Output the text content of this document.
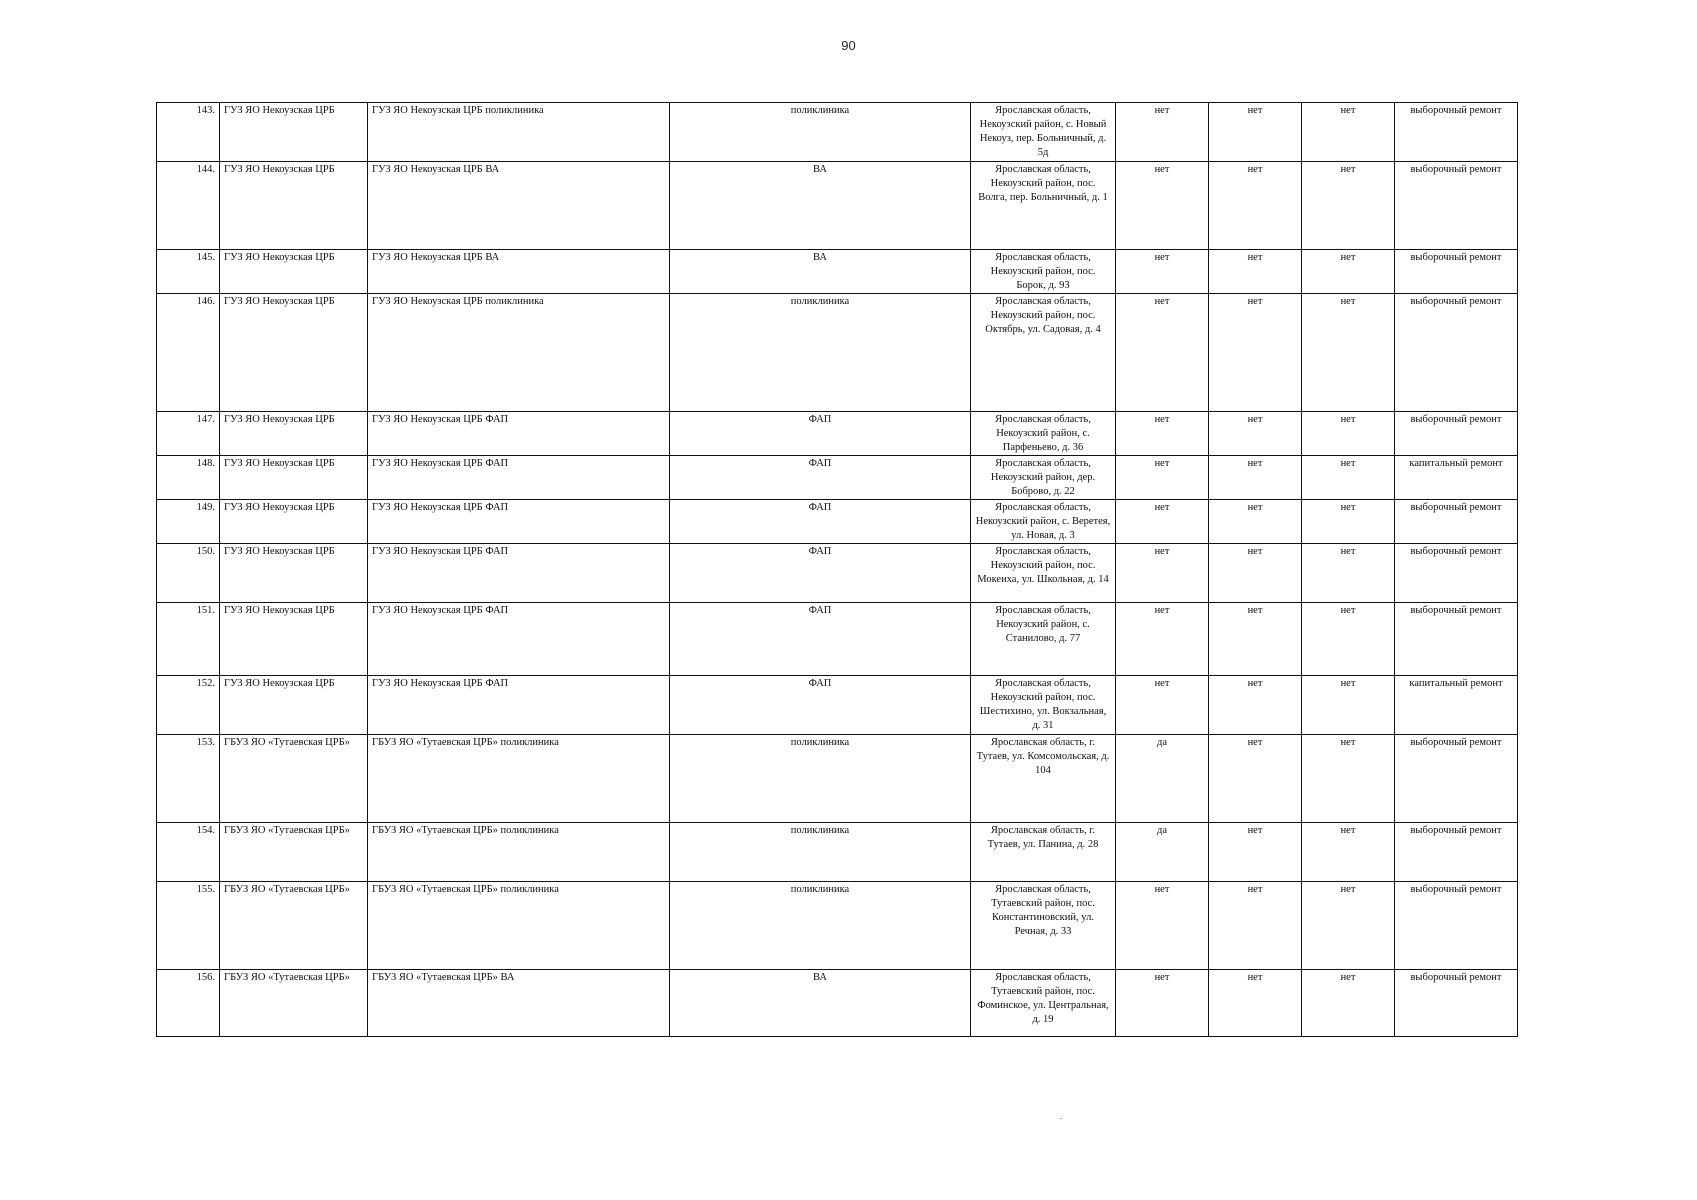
90
143.	ГУЗ ЯО Некоузская ЦРБ	ГУЗ ЯО Некоузская ЦРБ поликлиника	поликлиника	Ярославская область, Некоузский район, с. Новый Некоуз, пер. Больничный, д. 5д	нет	нет	нет	выборочный ремонт
144.	ГУЗ ЯО Некоузская ЦРБ	ГУЗ ЯО Некоузская ЦРБ ВА	ВА	Ярославская область, Некоузский район, пос. Волга, пер. Больничный, д. 1	нет	нет	нет	выборочный ремонт
145.	ГУЗ ЯО Некоузская ЦРБ	ГУЗ ЯО Некоузская ЦРБ ВА	ВА	Ярославская область, Некоузский район, пос. Борок, д. 93	нет	нет	нет	выборочный ремонт
146.	ГУЗ ЯО Некоузская ЦРБ	ГУЗ ЯО Некоузская ЦРБ поликлиника	поликлиника	Ярославская область, Некоузский район, пос. Октябрь, ул. Садовая, д. 4	нет	нет	нет	выборочный ремонт
147.	ГУЗ ЯО Некоузская ЦРБ	ГУЗ ЯО Некоузская ЦРБ ФАП	ФАП	Ярославская область, Некоузский район, с. Парфеньево, д. 36	нет	нет	нет	выборочный ремонт
148.	ГУЗ ЯО Некоузская ЦРБ	ГУЗ ЯО Некоузская ЦРБ ФАП	ФАП	Ярославская область, Некоузский район, дер. Боброво, д. 22	нет	нет	нет	капитальный ремонт
149.	ГУЗ ЯО Некоузская ЦРБ	ГУЗ ЯО Некоузская ЦРБ ФАП	ФАП	Ярославская область, Некоузский район, с. Веретея, ул. Новая, д. 3	нет	нет	нет	выборочный ремонт
150.	ГУЗ ЯО Некоузская ЦРБ	ГУЗ ЯО Некоузская ЦРБ ФАП	ФАП	Ярославская область, Некоузский район, пос. Мокеиха, ул. Школьная, д. 14	нет	нет	нет	выборочный ремонт
151.	ГУЗ ЯО Некоузская ЦРБ	ГУЗ ЯО Некоузская ЦРБ ФАП	ФАП	Ярославская область, Некоузский район, с. Станилово, д. 77	нет	нет	нет	выборочный ремонт
152.	ГУЗ ЯО Некоузская ЦРБ	ГУЗ ЯО Некоузская ЦРБ ФАП	ФАП	Ярославская область, Некоузский район, пос. Шестихино, ул. Вокзальная, д. 31	нет	нет	нет	капитальный ремонт
153.	ГБУЗ ЯО «Тутаевская ЦРБ»	ГБУЗ ЯО «Тутаевская ЦРБ» поликлиника	поликлиника	Ярославская область, г. Тутаев, ул. Комсомольская, д. 104	да	нет	нет	выборочный ремонт
154.	ГБУЗ ЯО «Тутаевская ЦРБ»	ГБУЗ ЯО «Тутаевская ЦРБ» поликлиника	поликлиника	Ярославская область, г. Тутаев, ул. Панина, д. 28	да	нет	нет	выборочный ремонт
155.	ГБУЗ ЯО «Тутаевская ЦРБ»	ГБУЗ ЯО «Тутаевская ЦРБ» поликлиника	поликлиника	Ярославская область, Тутаевский район, пос. Константиновский, ул. Речная, д. 33	нет	нет	нет	выборочный ремонт
156.	ГБУЗ ЯО «Тутаевская ЦРБ»	ГБУЗ ЯО «Тутаевская ЦРБ» ВА	ВА	Ярославская область, Тутаевский район, пос. Фоминское, ул. Центральная, д. 19	нет	нет	нет	выборочный ремонт
